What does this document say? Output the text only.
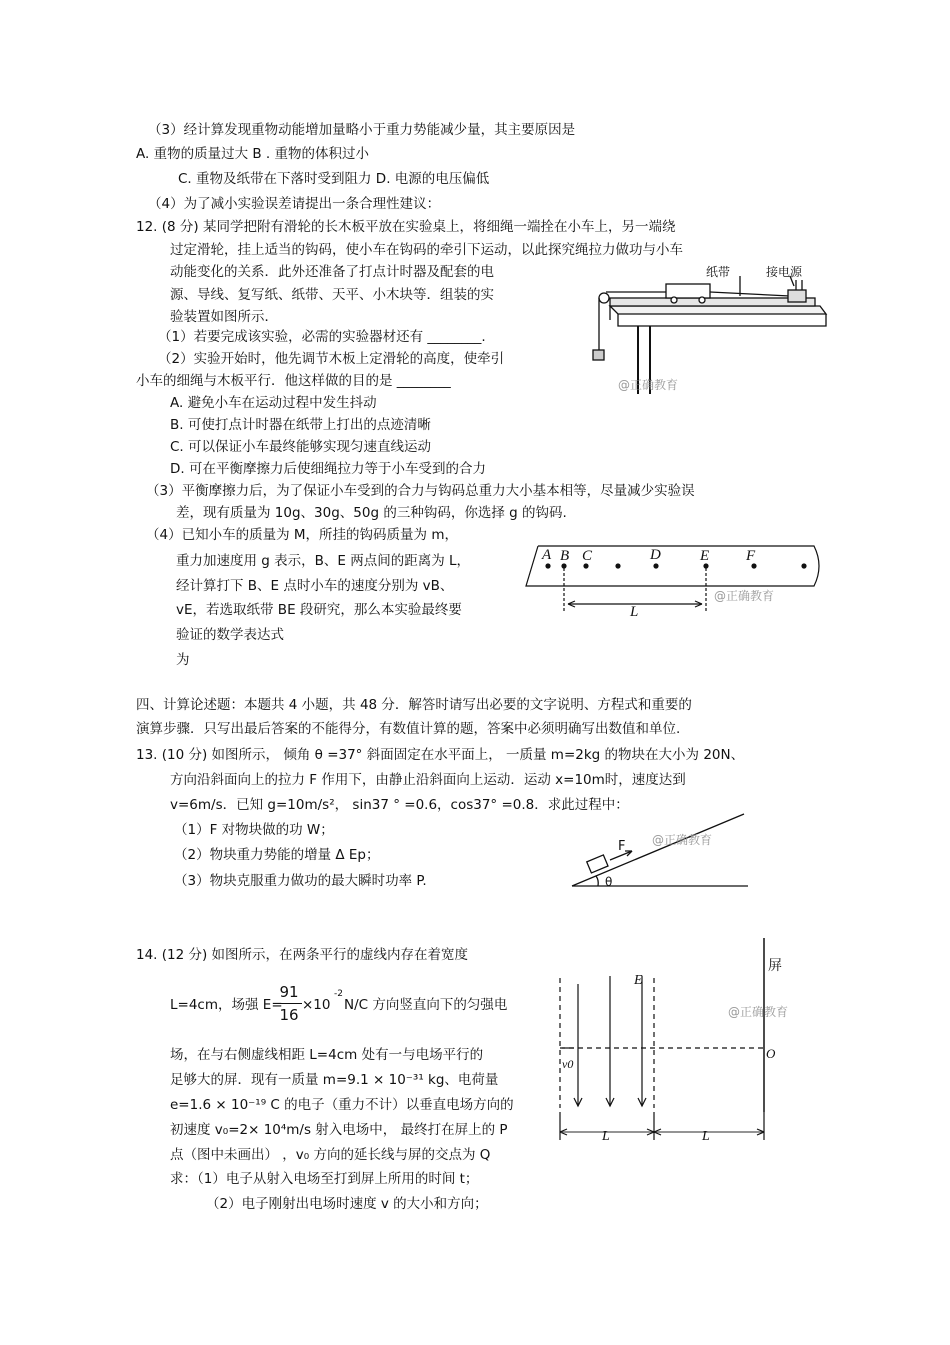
（3）经计算发现重物动能增加量略小于重力势能减少量，其主要原因是
A. 重物的质量过大 B . 重物的体积过小
C. 重物及纸带在下落时受到阻力 D. 电源的电压偏低
（4）为了减小实验误差请提出一条合理性建议：
12. (8 分) 某同学把附有滑轮的长木板平放在实验桌上，将细绳一端拴在小车上，另一端绕
过定滑轮，挂上适当的钩码，使小车在钩码的牵引下运动，以此探究绳拉力做功与小车
动能变化的关系．此外还准备了打点计时器及配套的电
源、导线、复写纸、纸带、天平、小木块等．组装的实
验装置如图所示．
（1）若要完成该实验，必需的实验器材还有 ________.
（2）实验开始时，他先调节木板上定滑轮的高度，使牵引
小车的细绳与木板平行．他这样做的目的是 ________
A. 避免小车在运动过程中发生抖动
B. 可使打点计时器在纸带上打出的点迹清晰
C. 可以保证小车最终能够实现匀速直线运动
D. 可在平衡摩擦力后使细绳拉力等于小车受到的合力
（3）平衡摩擦力后，为了保证小车受到的合力与钩码总重力大小基本相等，尽量减少实验误
差，现有质量为 10g、30g、50g 的三种钩码，你选择 g 的钩码.
（4）已知小车的质量为 M，所挂的钩码质量为 m，
重力加速度用 g 表示，B、E 两点间的距离为 L，
经计算打下 B、E 点时小车的速度分别为 vB、
vE，若选取纸带 BE 段研究，那么本实验最终要
验证的数学表达式
为
四、计算论述题：本题共 4 小题，共 48 分．解答时请写出必要的文字说明、方程式和重要的
演算步骤．只写出最后答案的不能得分，有数值计算的题，答案中必须明确写出数值和单位.
13. (10 分) 如图所示， 倾角 θ =37° 斜面固定在水平面上， 一质量 m=2kg 的物块在大小为 20N、
方向沿斜面向上的拉力 F 作用下，由静止沿斜面向上运动．运动 x=10m时，速度达到
v=6m/s．已知 g=10m/s²， sin37 ° =0.6，cos37° =0.8．求此过程中：
（1）F 对物块做的功 W；
（2）物块重力势能的增量 Δ Ep；
（3）物块克服重力做功的最大瞬时功率 P.
14. (12 分) 如图所示，在两条平行的虚线内存在着宽度
L=4cm，场强 E=
91
16
×10
-2
N/C 方向竖直向下的匀强电
场，在与右侧虚线相距 L=4cm 处有一与电场平行的
足够大的屏．现有一质量 m=9.1 × 10⁻³¹ kg、电荷量
e=1.6 × 10⁻¹⁹ C 的电子（重力不计）以垂直电场方向的
初速度 v₀=2× 10⁴m/s 射入电场中， 最终打在屏上的 P
点（图中未画出） ，v₀ 方向的延长线与屏的交点为 Q
求：（1）电子从射入电场至打到屏上所用的时间 t；
（2）电子刚射出电场时速度 v 的大小和方向；
纸带	接电源
@正确教育
A B C	D	E F
L
@正确教育
F
θ
@正确教育
屏
E
v0
O
L	L
@正确教育
